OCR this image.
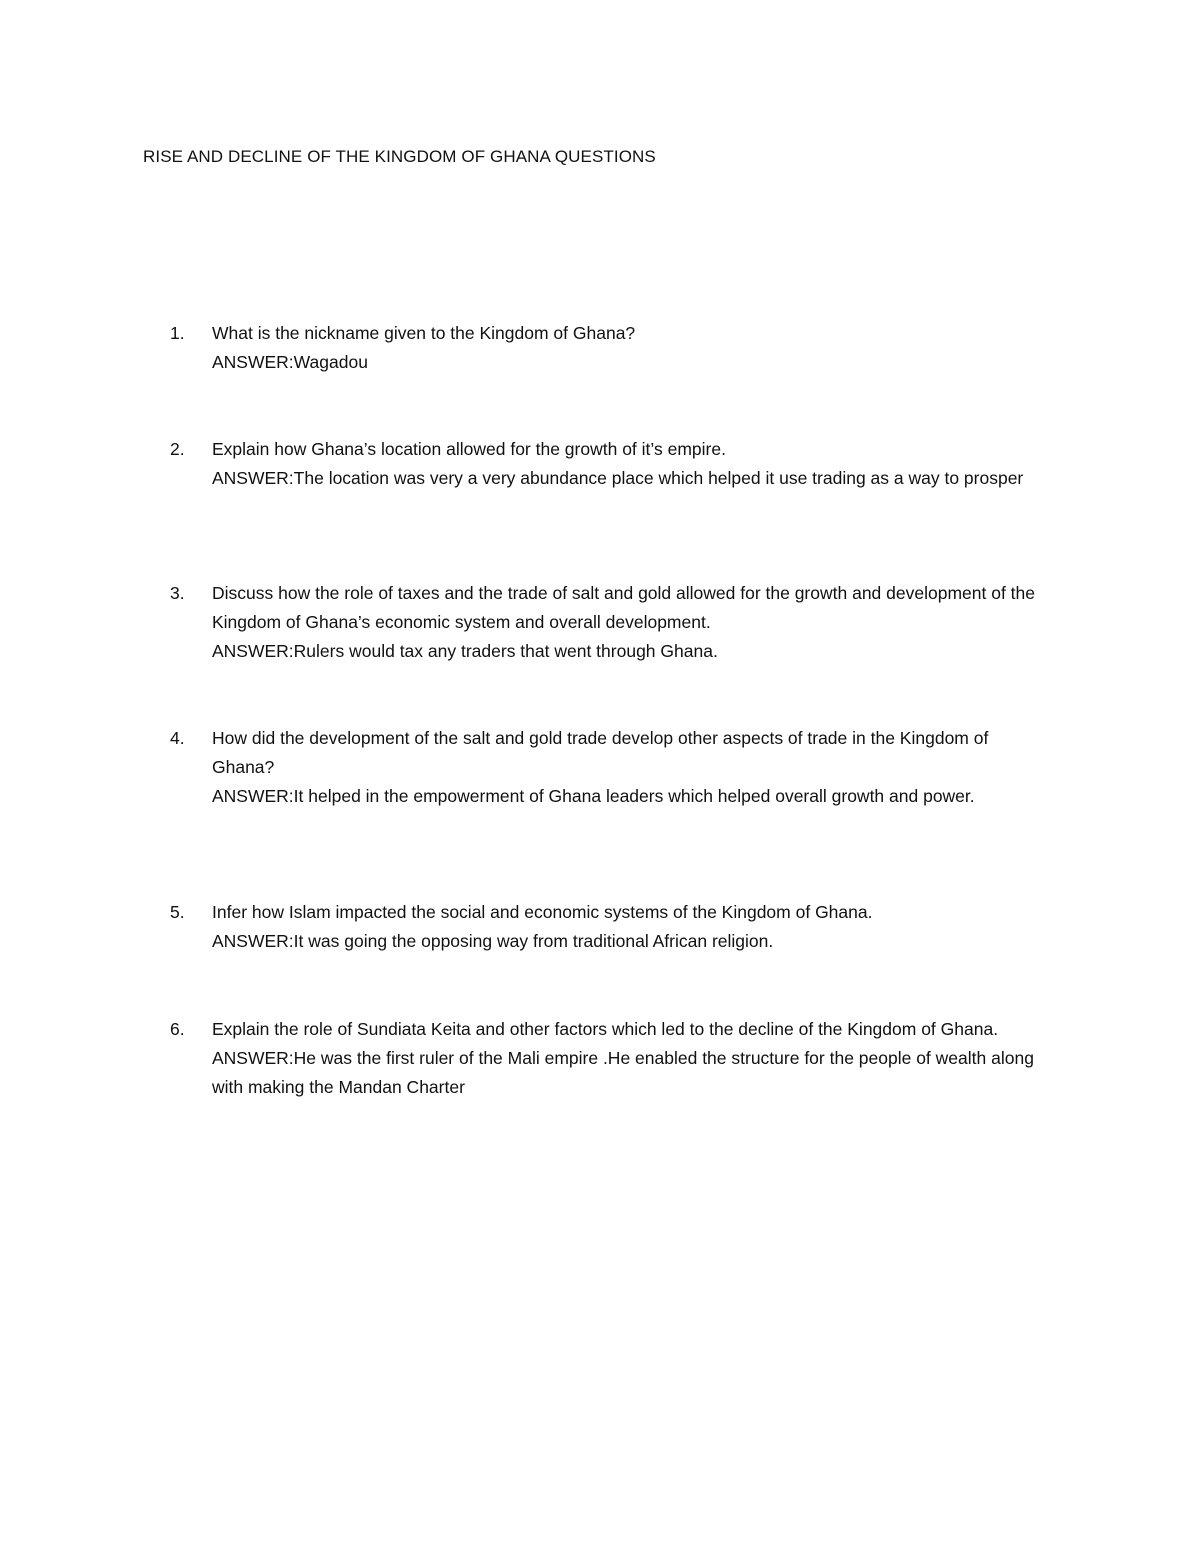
RISE AND DECLINE OF THE KINGDOM OF GHANA QUESTIONS
1.	What is the nickname given to the Kingdom of Ghana?
ANSWER:Wagadou
2.	Explain how Ghana’s location allowed for the growth of it’s empire.
ANSWER:The location was very a very abundance place which helped it use trading as a way to prosper
3.	Discuss how the role of taxes and the trade of salt and gold allowed for the growth and development of the Kingdom of Ghana’s economic system and overall development.
ANSWER:Rulers would tax any traders that went through Ghana.
4.	How did the development of the salt and gold trade develop other aspects of trade in the Kingdom of Ghana?
ANSWER:It helped in the empowerment of Ghana leaders which helped overall growth and power.
5.	Infer how Islam impacted the social and economic systems of the Kingdom of Ghana.
ANSWER:It was going the opposing way from traditional African religion.
6.	Explain the role of Sundiata Keita and other factors which led to the decline of the Kingdom of Ghana.
ANSWER:He was the first ruler of the Mali empire .He enabled the structure for the people of wealth along with making the Mandan Charter
